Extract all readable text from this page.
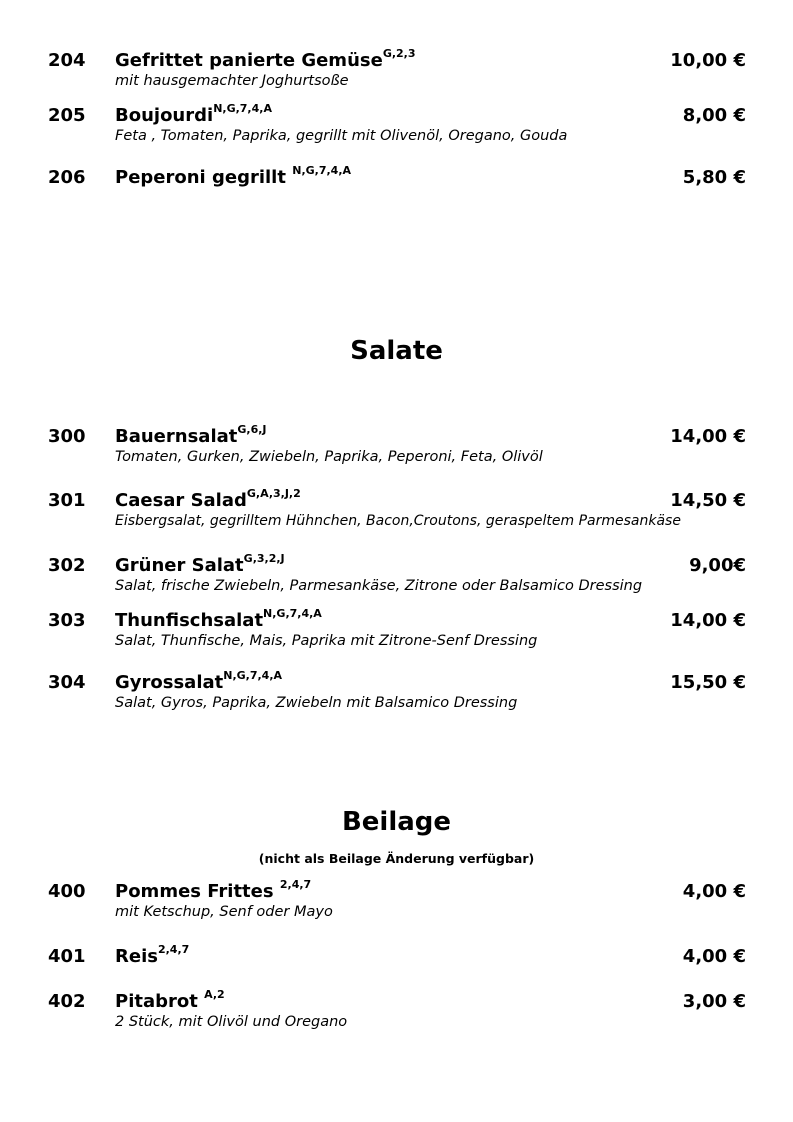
204 Gefrittet panierte Gemüse$^{G,2,3}$	10,00 €
mit hausgemachter Joghurtsoße
205 Boujourdi$^{N,G,7,4,A}$	8,00 €
Feta , Tomaten, Paprika, gegrillt mit Olivenöl, Oregano, Gouda
206 Peperoni gegrillt $^{N,G,7,4,A}$	5,80 €
Salate
300 Bauernsalat$^{G,6,J}$	14,00 €
Tomaten, Gurken, Zwiebeln, Paprika, Peperoni, Feta, Olivöl
301 Caesar Salad$^{G,A,3,J,2}$	14,50 €
Eisbergsalat, gegrilltem Hühnchen, Bacon,Croutons, geraspeltem Parmesankäse
302 Grüner Salat$^{G,3,2,J}$	9,00€
Salat, frische Zwiebeln, Parmesankäse, Zitrone oder Balsamico Dressing
303 Thunfischsalat$^{N,G,7,4,A}$	14,00 €
Salat, Thunfische, Mais, Paprika mit Zitrone-Senf Dressing
304 Gyrossalat$^{N,G,7,4,A}$	15,50 €
Salat, Gyros, Paprika, Zwiebeln mit Balsamico Dressing
Beilage
(nicht als Beilage Änderung verfügbar)
400 Pommes Frittes $^{2,4,7}$	4,00 €
mit Ketschup, Senf oder Mayo
401 Reis$^{2,4,7}$	4,00 €
402 Pitabrot $^{A,2}$	3,00 €
2 Stück, mit Olivöl und Oregano
